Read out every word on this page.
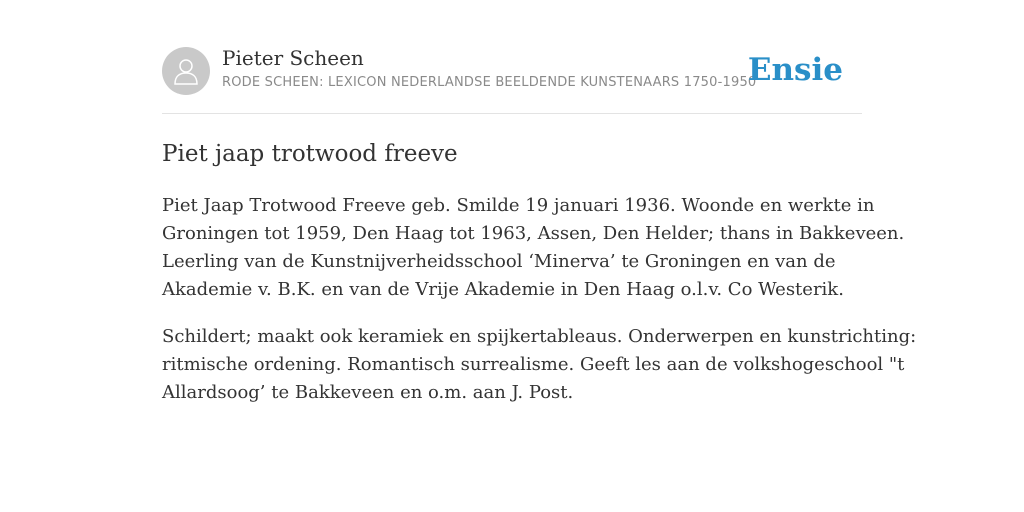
Pieter Scheen
RODE SCHEEN: LEXICON NEDERLANDSE BEELDENDE KUNSTENAARS 1750-1950
Ensie
Piet jaap trotwood freeve

Piet Jaap Trotwood Freeve geb. Smilde 19 januari 1936. Woonde en werkte in
Groningen tot 1959, Den Haag tot 1963, Assen, Den Helder; thans in Bakkeveen.
Leerling van de Kunstnijverheidsschool ‘Minerva’ te Groningen en van de
Akademie v. B.K. en van de Vrije Akademie in Den Haag o.l.v. Co Westerik.

Schildert; maakt ook keramiek en spijkertableaus. Onderwerpen en kunstrichting:
ritmische ordening. Romantisch surrealisme. Geeft les aan de volkshogeschool "t
Allardsoog’ te Bakkeveen en o.m. aan J. Post.
